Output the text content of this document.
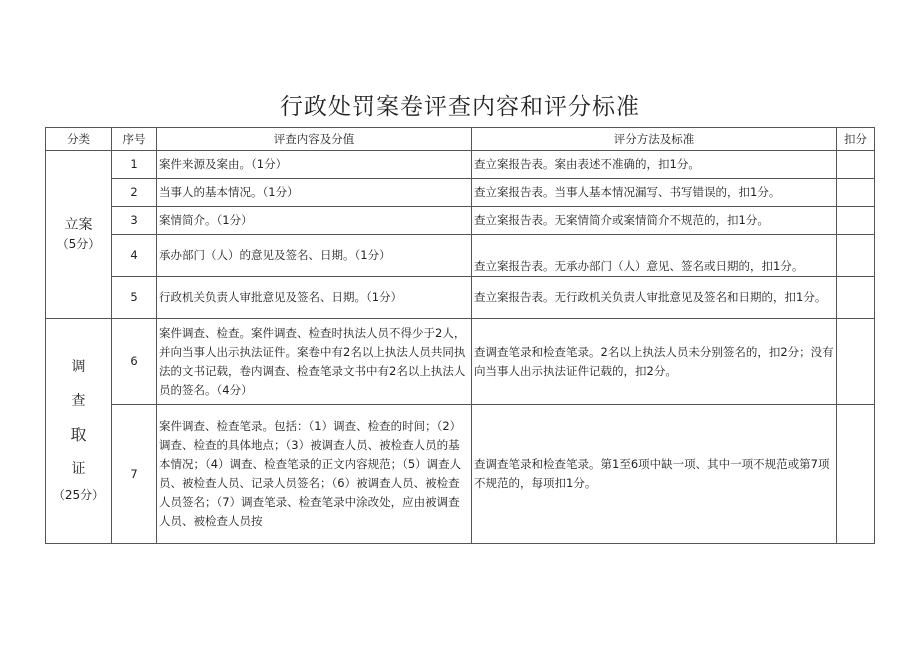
行政处罚案卷评查内容和评分标准
分类	序号	评查内容及分值	评分方法及标准	扣分

立案
（5分）	1	案件来源及案由。（1分）	查立案报告表。案由表述不准确的，扣1分。	
	2	当事人的基本情况。（1分）	查立案报告表。当事人基本情况漏写、书写错误的，扣1分。	
	3	案情简介。（1分）	查立案报告表。无案情简介或案情简介不规范的，扣1分。	
	4	承办部门（人）的意见及签名、日期。（1分）	查立案报告表。无承办部门（人）意见、签名或日期的，扣1分。	
	5	行政机关负责人审批意见及签名、日期。（1分）	查立案报告表。无行政机关负责人审批意见及签名和日期的，扣1分。	

调
查
取
证
（25分）	6	案件调查、检查。案件调查、检查时执法人员不得少于2人，并向当事人出示执法证件。案卷中有2名以上执法人员共同执法的文书记载，卷内调查、检查笔录文书中有2名以上执法人员的签名。（4分）	查调查笔录和检查笔录。2名以上执法人员未分别签名的，扣2分；没有向当事人出示执法证件记载的，扣2分。	
	7	案件调查、检查笔录。包括：（1）调查、检查的时间；（2）调查、检查的具体地点；（3）被调查人员、被检查人员的基本情况；（4）调查、检查笔录的正文内容规范；（5）调查人员、被检查人员、记录人员签名；（6）被调查人员、被检查人员签名；（7）调查笔录、检查笔录中涂改处，应由被调查人员、被检查人员按	查调查笔录和检查笔录。第1至6项中缺一项、其中一项不规范或第7项不规范的，每项扣1分。	
